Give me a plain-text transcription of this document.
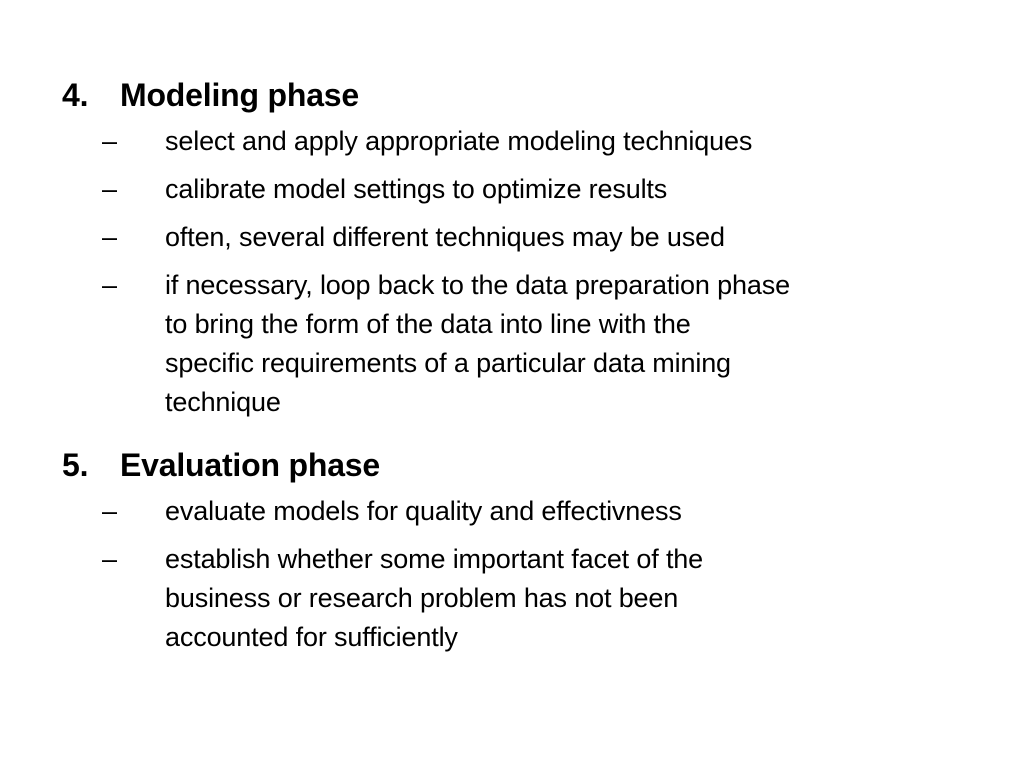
4. Modeling phase
–	select and apply appropriate modeling techniques
–	calibrate model settings to optimize results
–	often, several different techniques may be used
–	if necessary, loop back to the data preparation phase
to bring the form of the data into line with the
specific requirements of a particular data mining
technique
5. Evaluation phase
–	evaluate models for quality and effectivness
–	establish whether some important facet of the
business or research problem has not been
accounted for sufficiently
